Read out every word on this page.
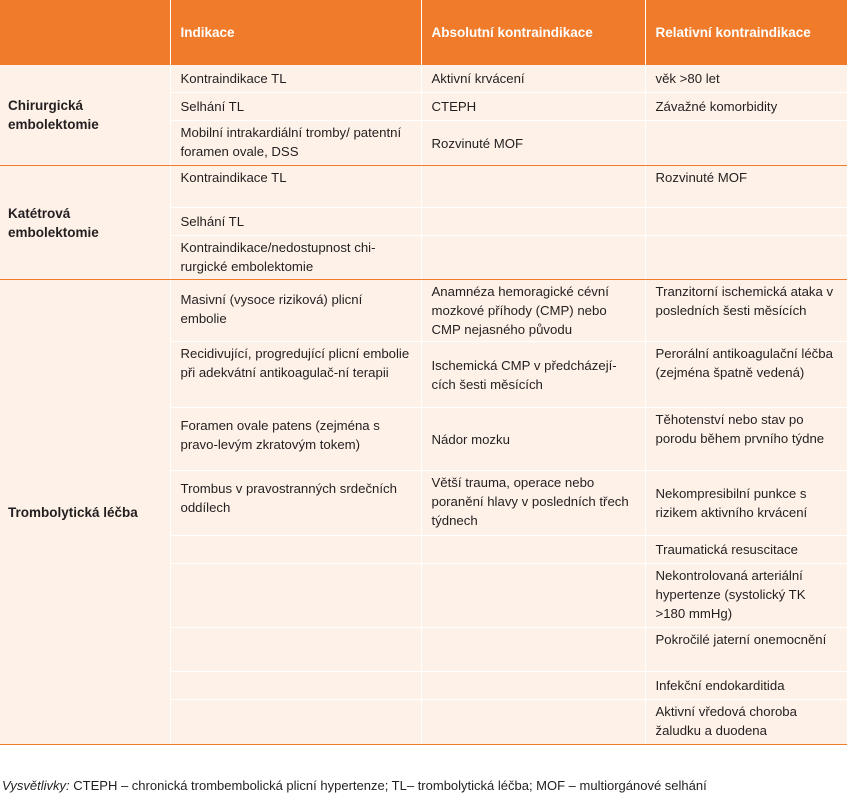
	Indikace	Absolutní kontraindikace	Relativní kontraindikace
Chirurgická embolektomie	Kontraindikace TL	Aktivní krvácení	věk >80 let
	Selhání TL	CTEPH	Závažné komorbidity
	Mobilní intrakardiální tromby/ patentní foramen ovale, DSS	Rozvinuté MOF	
Katétrová embolektomie	Kontraindikace TL		Rozvinuté MOF
	Selhání TL		
	Kontraindikace/nedostupnost chi-rurgické embolektomie		
Trombolytická léčba	Masivní (vysoce riziková) plicní embolie	Anamnéza hemoragické cévní mozkové příhody (CMP) nebo CMP nejasného původu	Tranzitorní ischemická ataka v posledních šesti měsících
	Recidivující, progredující plicní embolie při adekvátní antikoagulač-ní terapii	Ischemická CMP v předcházejí-cích šesti měsících	Perorální antikoagulační léčba (zejména špatně vedená)
	Foramen ovale patens (zejména s pravo-levým zkratovým tokem)	Nádor mozku	Těhotenství nebo stav po porodu během prvního týdne
	Trombus v pravostranných srdečních oddílech	Větší trauma, operace nebo poranění hlavy v posledních třech týdnech	Nekompresibilní punkce s rizikem aktivního krvácení
			Traumatická resuscitace
			Nekontrolovaná arteriální hypertenze (systolický TK >180 mmHg)
			Pokročilé jaterní onemocnění
			Infekční endokarditida
			Aktivní vředová choroba žaludku a duodena
Vysvětlivky: CTEPH – chronická trombembolická plicní hypertenze; TL– trombolytická léčba; MOF – multiorgánové selhání
